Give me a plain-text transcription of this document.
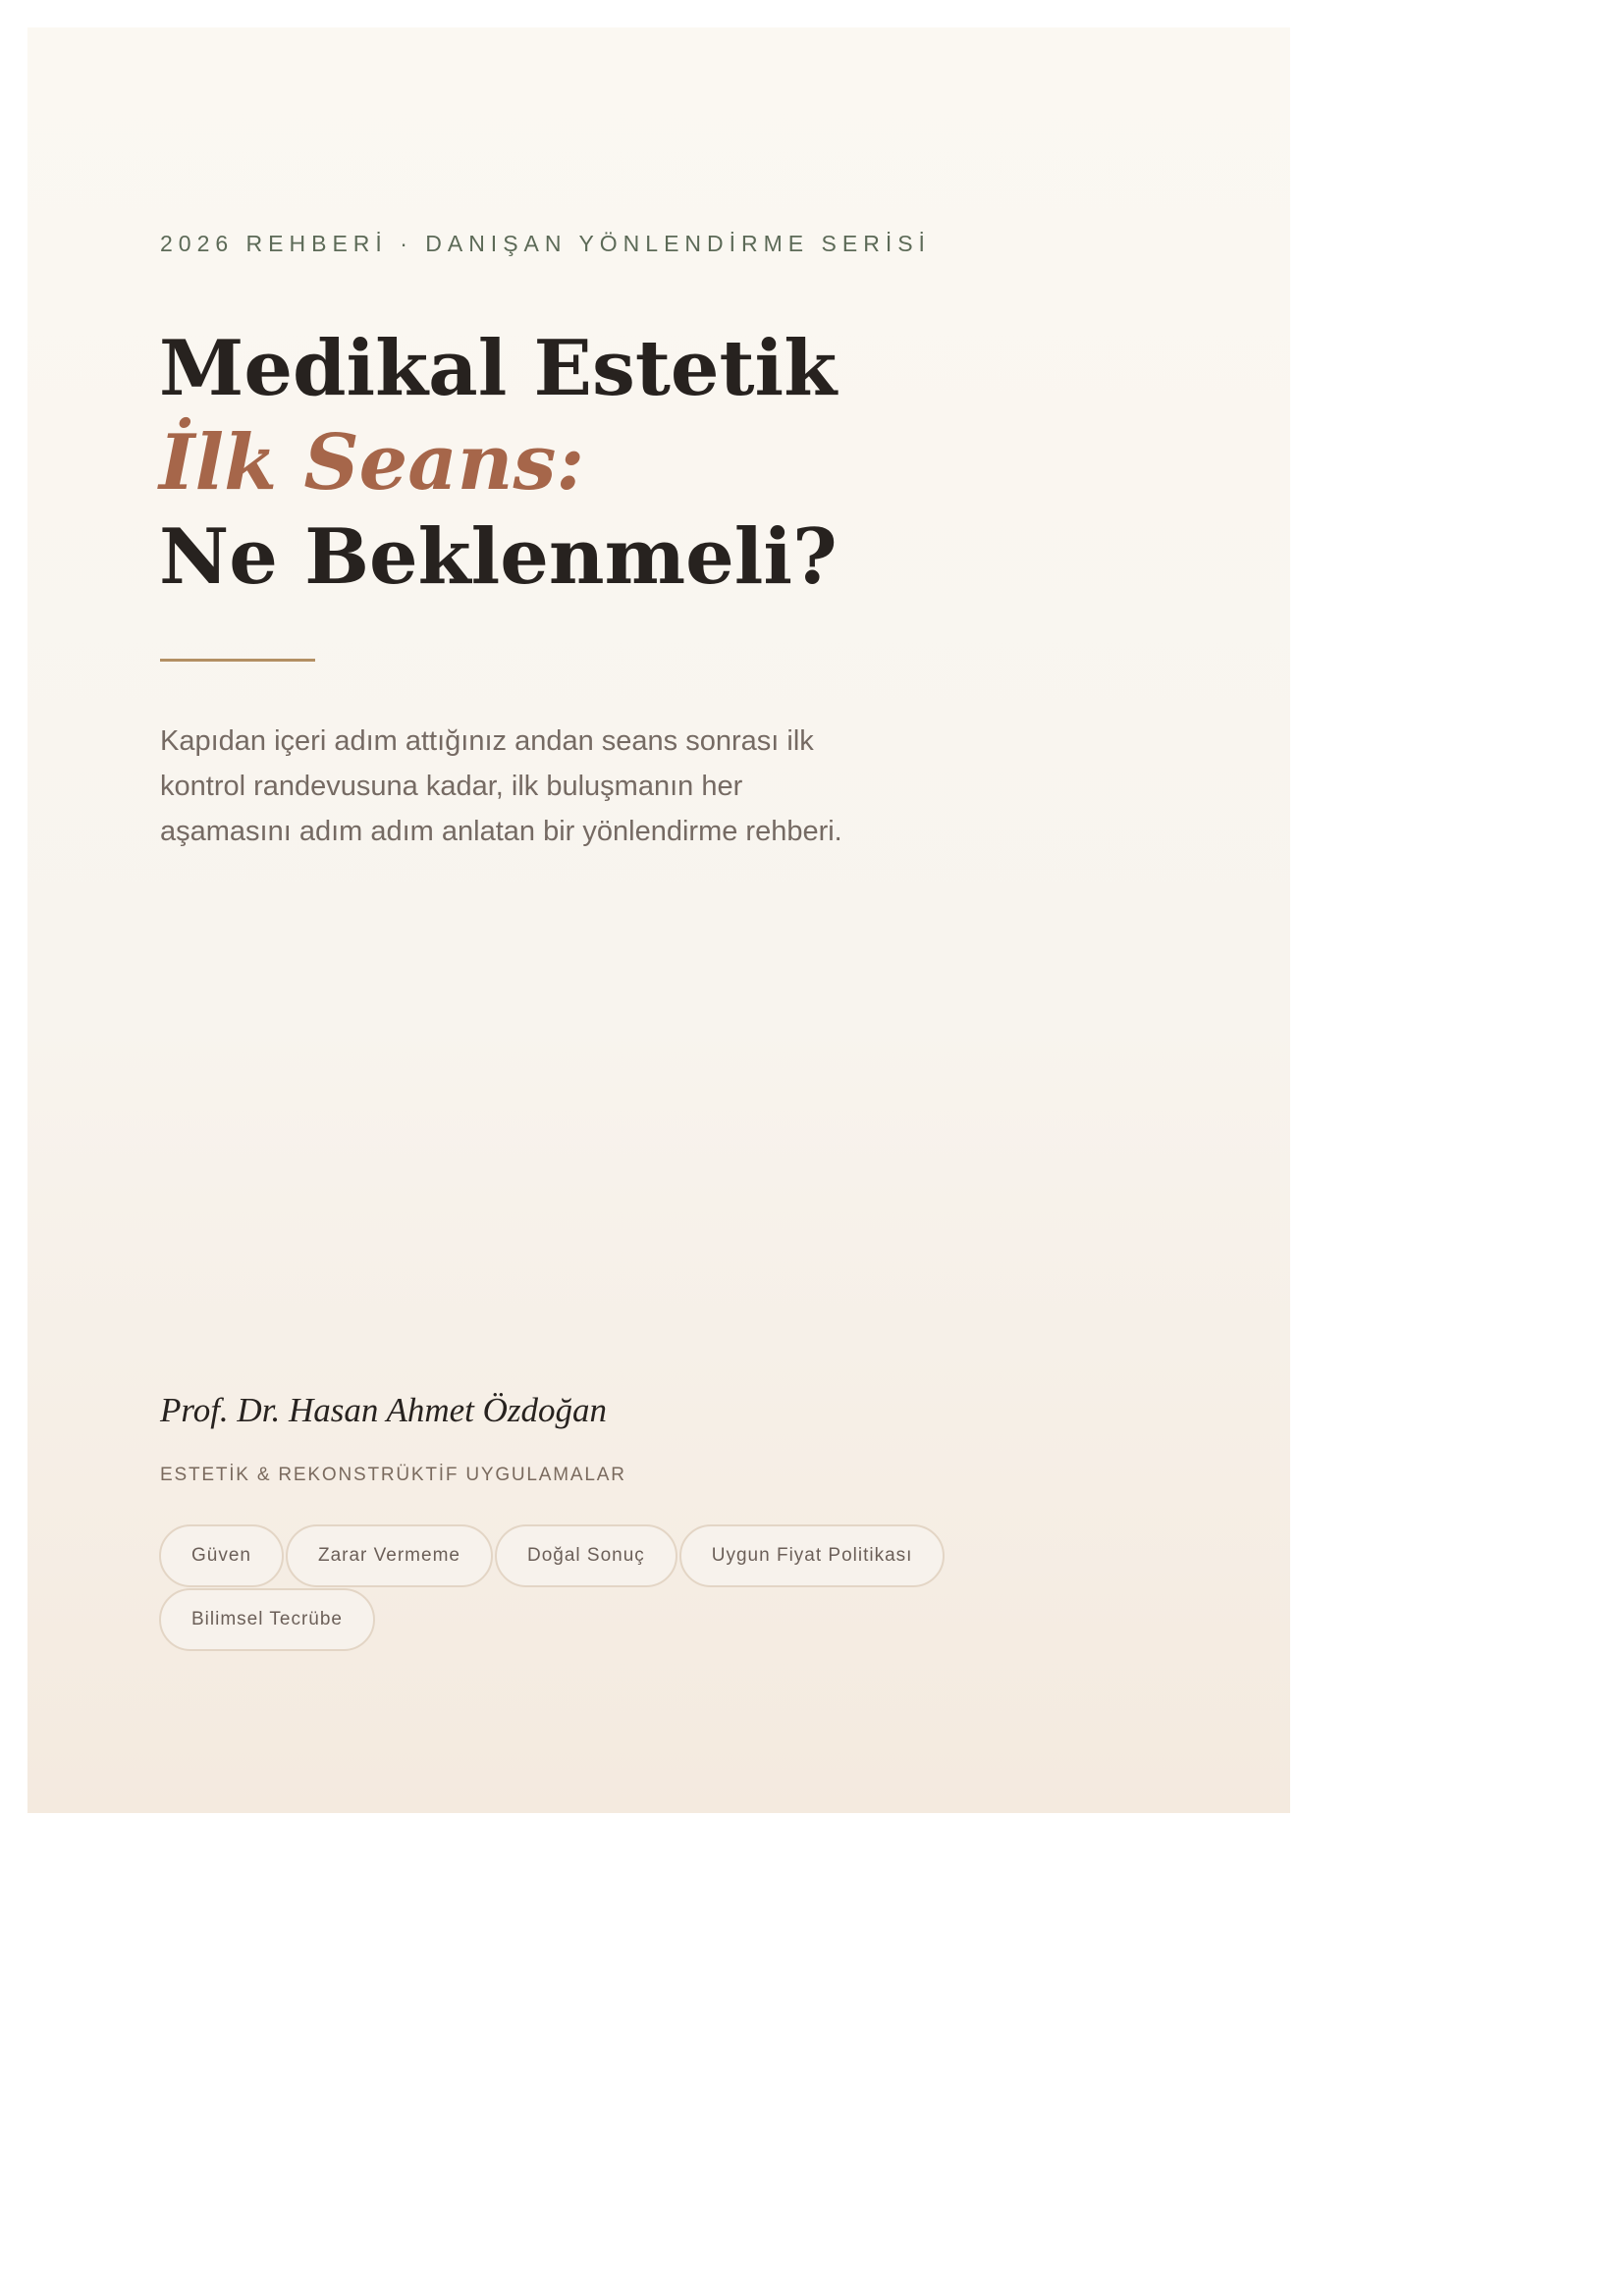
2026 REHBERİ · DANIŞAN YÖNLENDİRME SERİSİ
Medikal Estetik
İlk Seans:
Ne Beklenmeli?

Kapıdan içeri adım attığınız andan seans sonrası ilk kontrol randevusuna kadar, ilk buluşmanın her aşamasını adım adım anlatan bir yönlendirme rehberi.

Prof. Dr. Hasan Ahmet Özdoğan
ESTETİK & REKONSTRÜKTİF UYGULAMALAR
Güven	Zarar Vermeme	Doğal Sonuç	Uygun Fiyat Politikası
Bilimsel Tecrübe
